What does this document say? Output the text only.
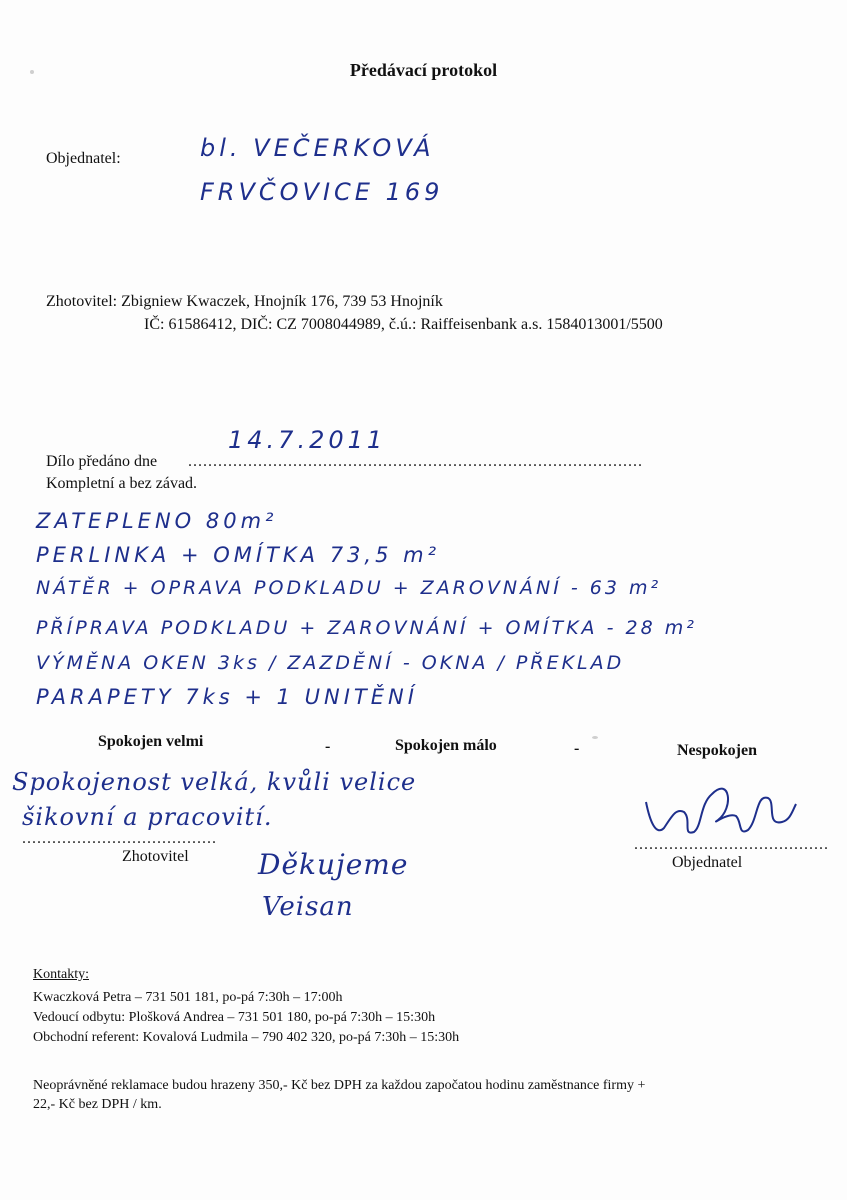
Předávací protokol
Objednatel:	bl. VEČERKOVÁ
FRVČOVICE 169
Zhotovitel: Zbigniew Kwaczek, Hnojník 176, 739 53 Hnojník
IČ: 61586412, DIČ: CZ 7008044989, č.ú.: Raiffeisenbank a.s. 1584013001/5500
14.7.2011
Dílo předáno dne ...........................................................................................
Kompletní a bez závad.
ZATEPLENO 80m²
PERLINKA + OMÍTKA 73,5 m²
NÁTĚR + OPRAVA PODKLADU + ZAROVNÁNÍ - 63 m²
PŘÍPRAVA PODKLADU + ZAROVNÁNÍ + OMÍTKA - 28 m²
VÝMĚNA OKEN 3ks / ZAZDĚNÍ - OKNA / PŘEKLAD
PARAPETY 7ks + 1 UNITĚNÍ
Spokojen velmi	-	Spokojen málo	-	Nespokojen
Spokojenost velká, kvůli velice
šikovní a pracovití.
.......................................
Zhotovitel Děkujeme
Veisan
.......................................
Objednatel
Kontakty:
Kwaczková Petra – 731 501 181, po-pá 7:30h – 17:00h
Vedoucí odbytu: Plošková Andrea – 731 501 180, po-pá 7:30h – 15:30h
Obchodní referent: Kovalová Ludmila – 790 402 320, po-pá 7:30h – 15:30h
Neoprávněné reklamace budou hrazeny 350,- Kč bez DPH za každou započatou hodinu zaměstnance firmy +
22,- Kč bez DPH / km.
